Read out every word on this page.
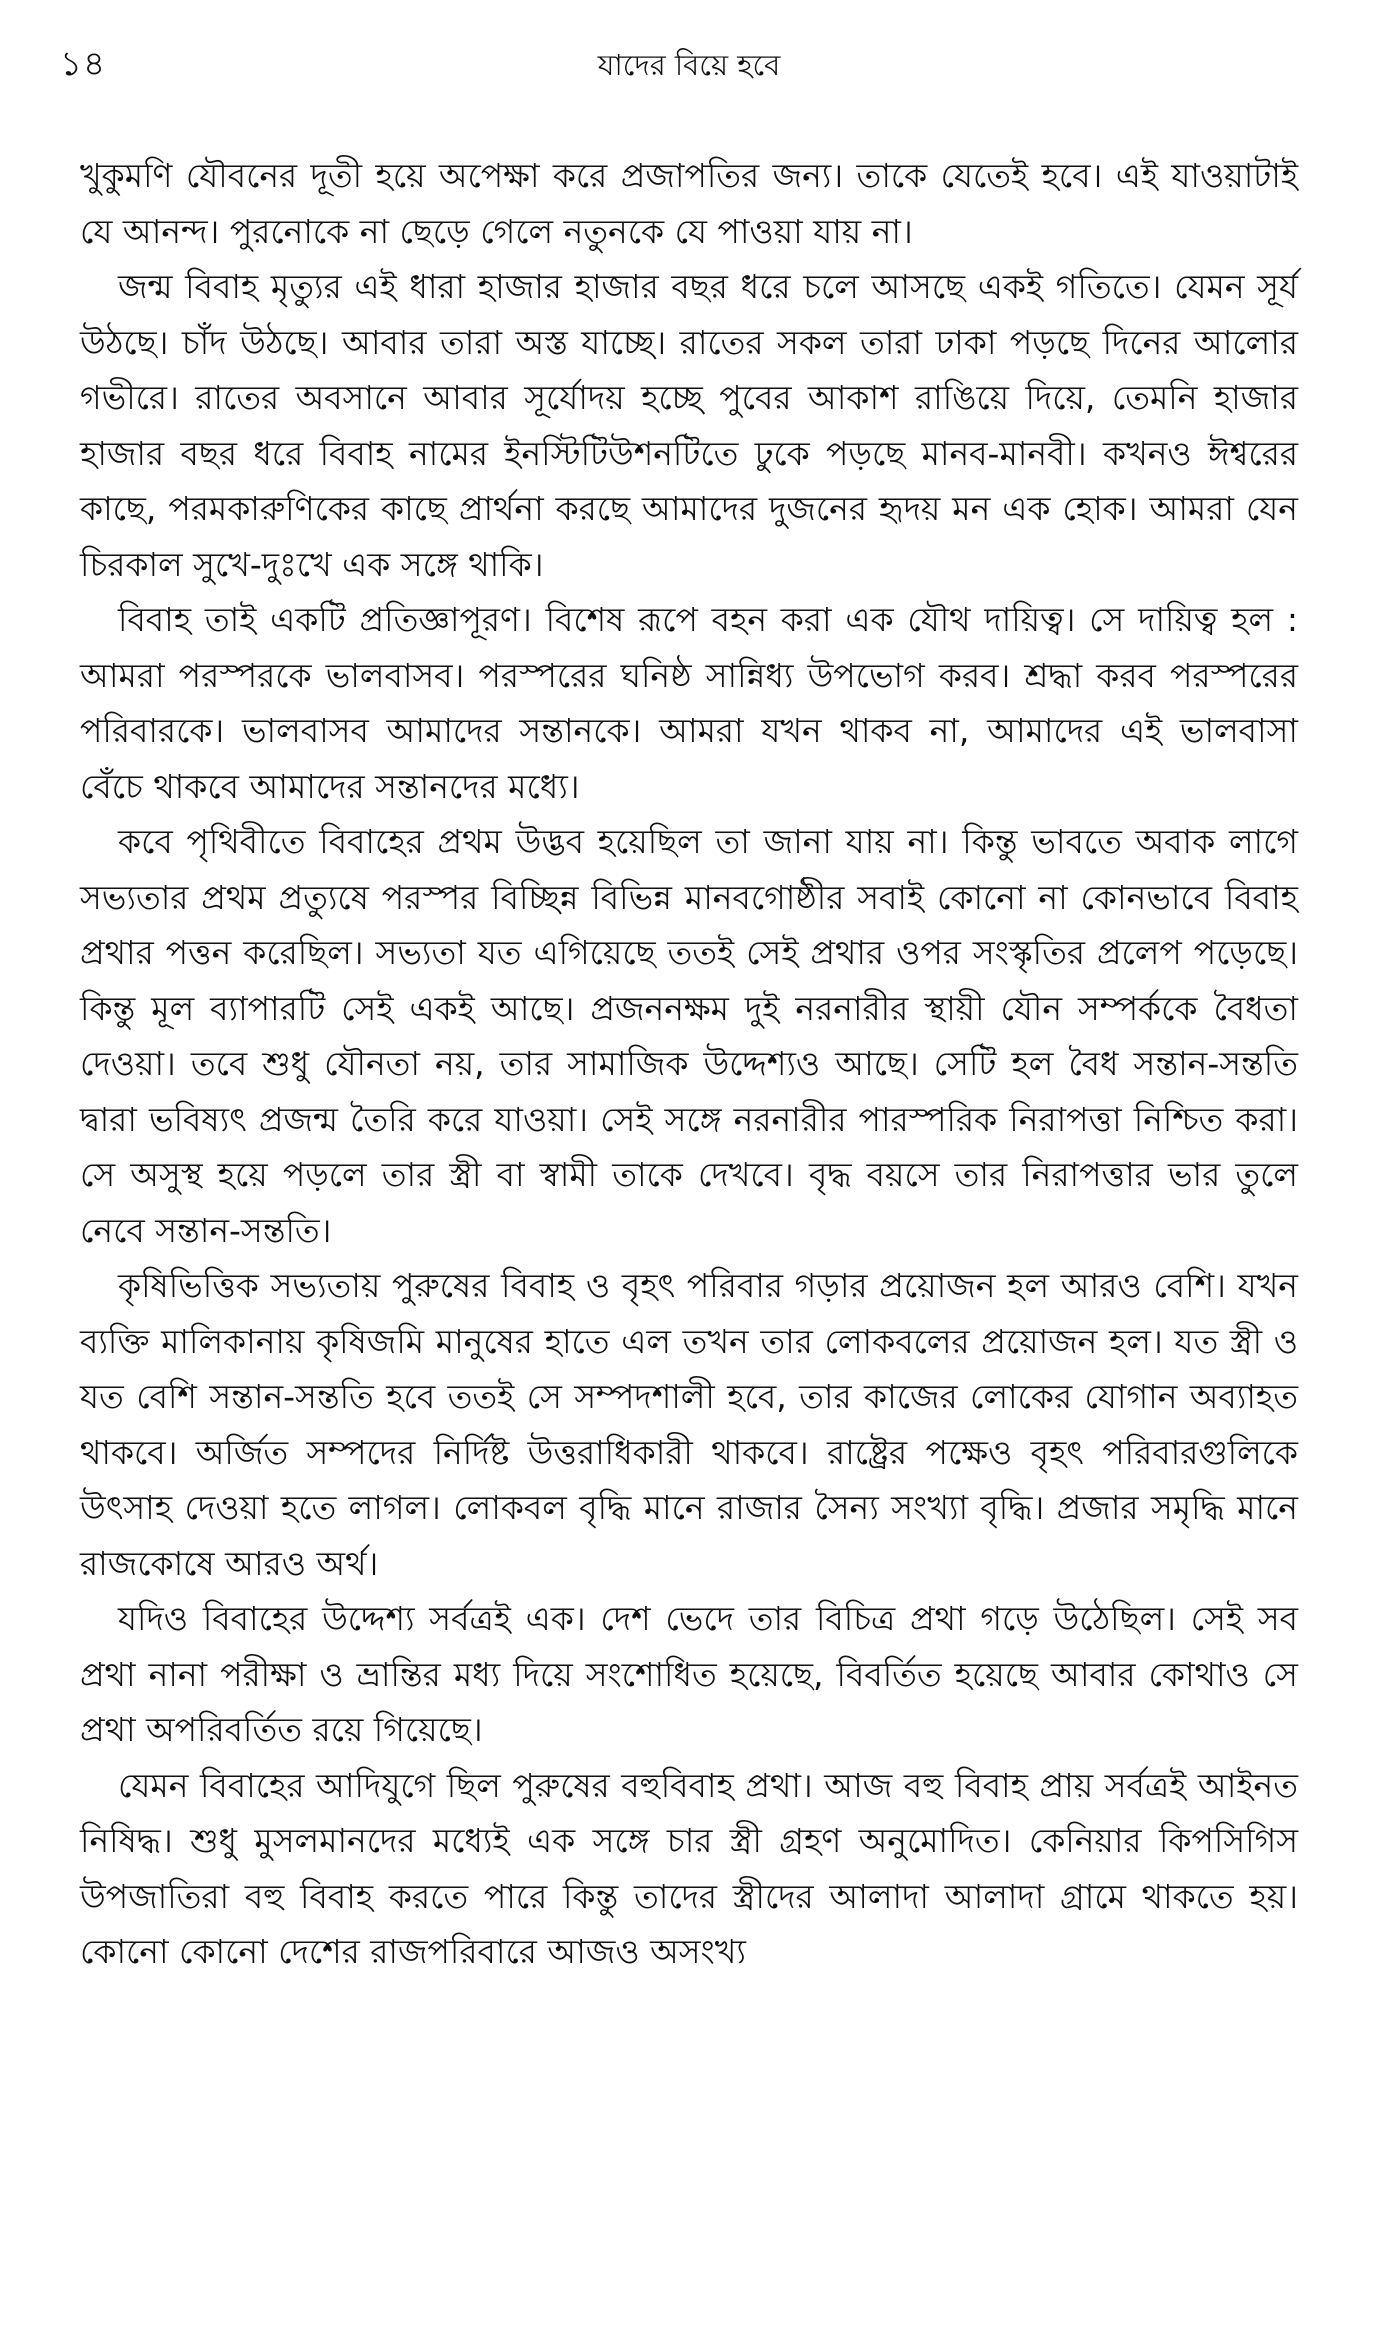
১৪	যাদের বিয়ে হবে

খুকুমণি যৌবনের দূতী হয়ে অপেক্ষা করে প্রজাপতির জন্য। তাকে যেতেই হবে। এই যাওয়াটাই যে আনন্দ। পুরনোকে না ছেড়ে গেলে নতুনকে যে পাওয়া যায় না।

জন্ম বিবাহ মৃত্যুর এই ধারা হাজার হাজার বছর ধরে চলে আসছে একই গতিতে। যেমন সূর্য উঠছে। চাঁদ উঠছে। আবার তারা অস্ত যাচ্ছে। রাতের সকল তারা ঢাকা পড়ছে দিনের আলোর গভীরে। রাতের অবসানে আবার সূর্যোদয় হচ্ছে পুবের আকাশ রাঙিয়ে দিয়ে, তেমনি হাজার হাজার বছর ধরে বিবাহ নামের ইনস্টিটিউশনটিতে ঢুকে পড়ছে মানব-মানবী। কখনও ঈশ্বরের কাছে, পরমকারুণিকের কাছে প্রার্থনা করছে আমাদের দুজনের হৃদয় মন এক হোক। আমরা যেন চিরকাল সুখে-দুঃখে এক সঙ্গে থাকি।

বিবাহ তাই একটি প্রতিজ্ঞাপূরণ। বিশেষ রূপে বহন করা এক যৌথ দায়িত্ব। সে দায়িত্ব হল : আমরা পরস্পরকে ভালবাসব। পরস্পরের ঘনিষ্ঠ সান্নিধ্য উপভোগ করব। শ্রদ্ধা করব পরস্পরের পরিবারকে। ভালবাসব আমাদের সন্তানকে। আমরা যখন থাকব না, আমাদের এই ভালবাসা বেঁচে থাকবে আমাদের সন্তানদের মধ্যে।

কবে পৃথিবীতে বিবাহের প্রথম উদ্ভব হয়েছিল তা জানা যায় না। কিন্তু ভাবতে অবাক লাগে সভ্যতার প্রথম প্রত্যুষে পরস্পর বিচ্ছিন্ন বিভিন্ন মানবগোষ্ঠীর সবাই কোনো না কোনভাবে বিবাহ প্রথার পত্তন করেছিল। সভ্যতা যত এগিয়েছে ততই সেই প্রথার ওপর সংস্কৃতির প্রলেপ পড়েছে। কিন্তু মূল ব্যাপারটি সেই একই আছে। প্রজননক্ষম দুই নরনারীর স্থায়ী যৌন সম্পর্ককে বৈধতা দেওয়া। তবে শুধু যৌনতা নয়, তার সামাজিক উদ্দেশ্যও আছে। সেটি হল বৈধ সন্তান-সন্ততি দ্বারা ভবিষ্যৎ প্রজন্ম তৈরি করে যাওয়া। সেই সঙ্গে নরনারীর পারস্পরিক নিরাপত্তা নিশ্চিত করা। সে অসুস্থ হয়ে পড়লে তার স্ত্রী বা স্বামী তাকে দেখবে। বৃদ্ধ বয়সে তার নিরাপত্তার ভার তুলে নেবে সন্তান-সন্ততি।

কৃষিভিত্তিক সভ্যতায় পুরুষের বিবাহ ও বৃহৎ পরিবার গড়ার প্রয়োজন হল আরও বেশি। যখন ব্যক্তি মালিকানায় কৃষিজমি মানুষের হাতে এল তখন তার লোকবলের প্রয়োজন হল। যত স্ত্রী ও যত বেশি সন্তান-সন্ততি হবে ততই সে সম্পদশালী হবে, তার কাজের লোকের যোগান অব্যাহত থাকবে। অর্জিত সম্পদের নির্দিষ্ট উত্তরাধিকারী থাকবে। রাষ্ট্রের পক্ষেও বৃহৎ পরিবারগুলিকে উৎসাহ দেওয়া হতে লাগল। লোকবল বৃদ্ধি মানে রাজার সৈন্য সংখ্যা বৃদ্ধি। প্রজার সমৃদ্ধি মানে রাজকোষে আরও অর্থ।

যদিও বিবাহের উদ্দেশ্য সর্বত্রই এক। দেশ ভেদে তার বিচিত্র প্রথা গড়ে উঠেছিল। সেই সব প্রথা নানা পরীক্ষা ও ভ্রান্তির মধ্য দিয়ে সংশোধিত হয়েছে, বিবর্তিত হয়েছে আবার কোথাও সে প্রথা অপরিবর্তিত রয়ে গিয়েছে।

যেমন বিবাহের আদিযুগে ছিল পুরুষের বহুবিবাহ প্রথা। আজ বহু বিবাহ প্রায় সর্বত্রই আইনত নিষিদ্ধ। শুধু মুসলমানদের মধ্যেই এক সঙ্গে চার স্ত্রী গ্রহণ অনুমোদিত। কেনিয়ার কিপসিগিস উপজাতিরা বহু বিবাহ করতে পারে কিন্তু তাদের স্ত্রীদের আলাদা আলাদা গ্রামে থাকতে হয়। কোনো কোনো দেশের রাজপরিবারে আজও অসংখ্য
